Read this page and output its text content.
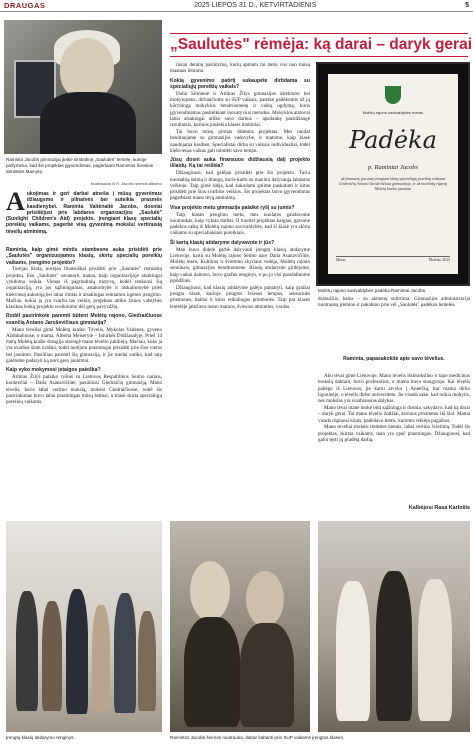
DRAUGAS	2025 LIEPOS 31 D., KETVIRTADIENIS	5
„Saulutės" rėmėja: ką darai – daryk gerai
Raminta Jacobs gimnazijai įteikė simbolinę „Saulutės" lentelę, kurioje pažymima, kad šis projektas įgyvendintas, pagerbiant Ramintos šviesios atminties Mamytę.
Nuotraukos iš R. Jacobs šeimos albumo
Aukojimas ir geri darbai atneša į mūsų gyvenimus džiaugsmo ir pilnatvės bei suteikia prasmės kasdienybei. Raminta Vaitėnaitė Jacobs, dosniai prisidėjusi prie labdaros organizacijos „Saulutė" (Sunlight Children's Aid) projekto, įrengiant klasę specialių poreikių vaikams, pagerbė visą gyvenimą mokslui vertinusią tėvelių atminimą.

Raminta, kaip gimė mintis stambesne auka prisidėti prie „Saulutės" organizuojamos klasių, skirtų specialių poreikių vaikams, įrengimo projekto?

Turėjau tikslą, norėjau finansiškai prisidėti prie „Saulutės" remiamų projektų. Esu „Saulutės" savanorė, matau, kaip organizacijoje atsakingai vykdoma veikla. Vienas iš pagrindinių motyvų, kodėl renkuosi šią organizaciją, yra jos sąžiningumas, atsakomybė ir atskaitomybė prieš kiekvieną aukotoją bei labai rimtas ir atsakingas remiamos iųjėmo įrengimo. Mačiau, kokia ją yra svarbu tas veikla, projektus atliko žinios valstybės klasikos lenkų projekto sveikinimo dėl gerų pavyzdžių.

Rodėl pasirinkote paremti būtent Molėtų rajono, Giedraičiuose esančią Antano Jaroševičiaus gimnaziją?

Mano tėveliai gimė Molėtų krašte. Tėvelis, Mykolas Vaitėnas, gyveno Aždubaliuose, o mama, Alberta Meiserytė – Inturkės Didžiasalyje. Prieš 14 metų Molėtų krašte draugija surengė mano tėvelio jubiliejų. Mačiau, koks ja yra svarbus šiam kraštui, todėl norėjom prasmingai prisidėti prie šios vietos bei jaunimo. Pasiūliau paremti šią gimnaziją, ir jie mielai sutiko, kad taip galėtume padaryti ką nors gero jaunimui.

Kaip vyko mokymosi įstaigos paieška?

Artūras Žilys palaiko ryšius su Lietuvos Respublikos Seimo nariais, konkrečiai – Dalia Asanavičiūte, pasiūliusi Giedraičių gimnaziją. Mano tėvelis, kuris labai vertino mokslą, mokėsi Giedraičiuose, todėl šis pasirinkimas buvo labai prasmingas mūsų šeimai, o klasė skirta specialiųjų poreikių vaikams.

rūsiai detalių pasiūlymų, kurių apmatu tai metu visi nuo mūsų mastaus lėmimo.

Kokią gyvenimo patirtį sukaupėte dirbdama su specialiųjų poreikių vaikais?

Dalia Silinienė ir Artūras Žilys gimnazijos direktorei bei mokytojoms, dirbančioms su SUP vaikais, pateikė padėkomis už jų kūrybingą mokyklos bendruomenę ir vaikų ugdymą, kuris įgyvendinamas pasitelkiant inovatyvius metodus. Mokyklos atstovai labai atsakingai atliko savo darbus – apsilankę pasidžiaugė rezultatais, kuriuos pasiekia klasės mokiniai.

Tai buvo mūsų pirmas didesnis projektas. Mes nuolat bendraujame su gimnazijos vadovybe, ir matome, kaip klasė naudojama kasdien. Specialistai dirba su vaikais individualiai, todėl kiekvienas vaikas gali tobulėti savo tempu.

Jūsų dosni auka finansuos didžiausią dalį projekto išlaidų. Ką tai reiškia?

Džiaugiuosi, kad galėjau prisidėti prie šio projekto. Turiu nuostabią šeimą ir draugų, kurie kartu su manimi dalyvauja labdaros veikloje. Taip gimė idėja, kad aukodami galime paskatinti ir kitus prisidėti prie šios svarbios veiklos. Šis projektas buvo įgyvendintas pagerbiant mano tėvų atminimą.

Visa projekto metu gimnazija palaikė ryšį su jumis?

Taip, klasės įrengimo metu, mes nuolatos gaudavome nuotraukas, kaip vyksta darbai. O tuomet projektas baigtas, gavome padėkos raštą iš Molėtų rajono savivaldybės, kad ši klasė yra skirta vaikams su specialiaisiais poreikiais.

Ši kartą klasių atidaryme dalyvavote ir jūs?

Man buvo didelė garbė dalyvauti įrengtų klasių atidaryme Lietuvoje, kartu su Molėtų rajono Seimo nare Dalia Asanavičiūte, Molėtų meru, Kultūros ir švietimo skyriaus vedėja, Molėtų rajono seniūnais, gimnazijos bendruomene. Klasių atidaryme girdėjome, kaip vaikai dainavo, buvo gražus renginys, o po jo visi pasidalinome įspūdžiais.

Džiaugiuosi, kad klasių atidaryme galėjo pamatyti, kaip gražiai įrengta klasė, kurioje įrengtos šviesos lempos, sensorinės priemonės, baldai ir kitos reikalingos priemonės. Taip pat klasės lentelėje įamžinta mano mamos, šviesios atminties, vardas.

Molėtų rajono savivaldybės meras
Padėka
p. Ramintai Jacobs
už finansinę paramą įrengiant klasę specialiųjų poreikių vaikams Giedraičių Antano Jaroševičiaus gimnazijoje, ir už nuoširdų rūpestį Molėtų krašto jaunimu
Meras	Molėtai, 2025
Molėtų rajono savivaldybės padėka Ramintai Jacobs.
drabužius, batus – su akmenų sutirtima. Gimnazijos administracija nuotrauką įrėmino ir pakabino prie vėl „Saulutės" padėkos lentelės.

Raminta, papasakokite apie savo tėvelius.

Abu tėvai gimė Lietuvoje. Mano tėvelis išsimokslino ir tapo medicinos mokslų daktaru, buvo profesorius, o mama buvo slaugytoja. Kai tėvelis pabėgo iš Lietuvos, jie kartu atvyko į Ameriką, kur mama dirbo ligoninėje, o tėvelis dirbo universitete. Jie visada sakė, kad reikia mokytis, nes mokslas yra svarbiausias dalykas.

Mano tėvai mane mokė būti sąžininga ir dosnia, sakydavo, kad ką darai – daryk gerai. Tai mano tėvelio žodžiai, kuriuos prisimenu iki šiol. Mama visada rūpinosi kitais, padėdavo tiems, kuriems reikėjo pagalbos.

Mano tėveliai mokėsi tremties metais, labai vertino švietimą. Todėl šis projektas, skirtas vaikams, man yra ypač prasmingas. Džiaugiuosi, kad galiu tęsti jų pradėtą darbą.

Kalbėjosi Rasa Karlošis
Įrengtų klasių atidarymo renginys.	Ramintos Jacobs šeimos nuotrauka, dabar kabanti prie SUP vaikams įrengtos klasės.
